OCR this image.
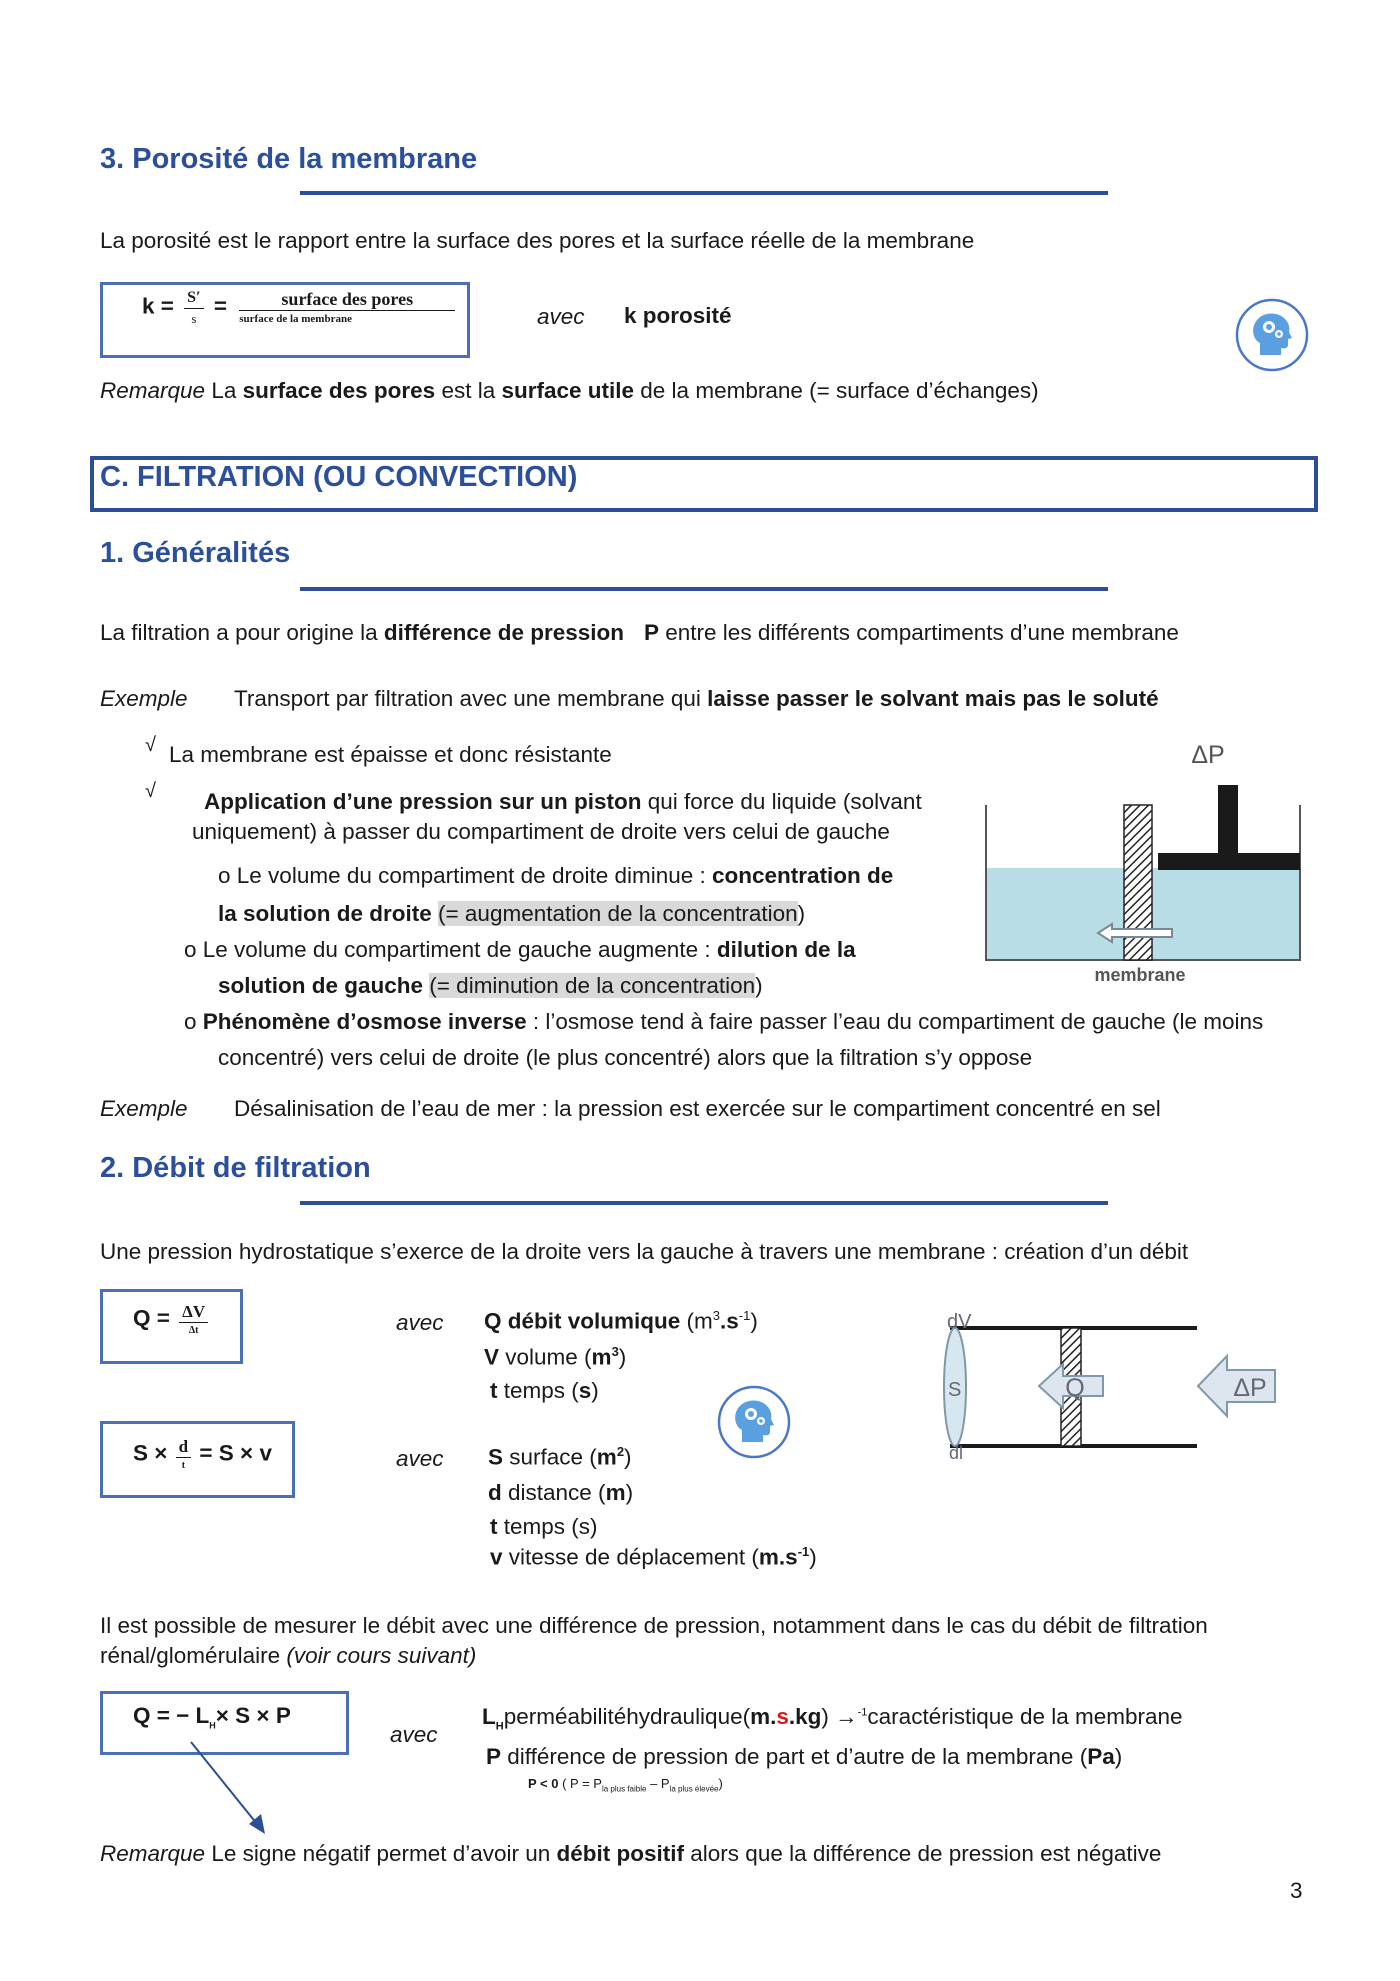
3. Porosité de la membrane
La porosité est le rapport entre la surface des pores et la surface réelle de la membrane
$k = \frac{S'}{s} = \frac{\text{surface des pores}}{\text{surface de la membrane}}$	avec k porosité
Remarque La surface des pores est la surface utile de la membrane (= surface d’échanges)
C. FILTRATION (OU CONVECTION)
1. Généralités
La filtration a pour origine la différence de pression P entre les différents compartiments d’une membrane
Exemple Transport par filtration avec une membrane qui laisse passer le solvant mais pas le soluté
√ La membrane est épaisse et donc résistante
√ Application d’une pression sur un piston qui force du liquide (solvant
uniquement) à passer du compartiment de droite vers celui de gauche
o Le volume du compartiment de droite diminue : concentration de
la solution de droite (= augmentation de la concentration)
o Le volume du compartiment de gauche augmente : dilution de la
solution de gauche (= diminution de la concentration)
o Phénomène d’osmose inverse : l’osmose tend à faire passer l’eau du compartiment de gauche (le moins
concentré) vers celui de droite (le plus concentré) alors que la filtration s’y oppose
ΔP
membrane
Exemple Désalinisation de l’eau de mer : la pression est exercée sur le compartiment concentré en sel
2. Débit de filtration
Une pression hydrostatique s’exerce de la droite vers la gauche à travers une membrane : création d’un débit
$Q = \frac{\Delta V}{\Delta t}$	avec Q débit volumique $(m^3.s^{-1})$
V volume $(m^3)$
t temps (s)
$S \times \frac{d}{t} = S \times v$	avec S surface $(m^2)$
d distance (m)
t temps (s)
v vitesse de déplacement $(m.s^{-1})$
dV
S
dl
Q	ΔP
Il est possible de mesurer le débit avec une différence de pression, notamment dans le cas du débit de filtration
rénal/glomérulaire (voir cours suivant)
Q = − $L_H\times S \times P$
avec
$L_Hperméabilitéhydraulique(m.s.kg)$ →$^{-1}$caractéristique de la membrane
P différence de pression de part et d’autre de la membrane (Pa)
P < 0 ( $P = P_{la plus faible} - P_{la plus élevée}$)
Remarque Le signe négatif permet d’avoir un débit positif alors que la différence de pression est négative
3
